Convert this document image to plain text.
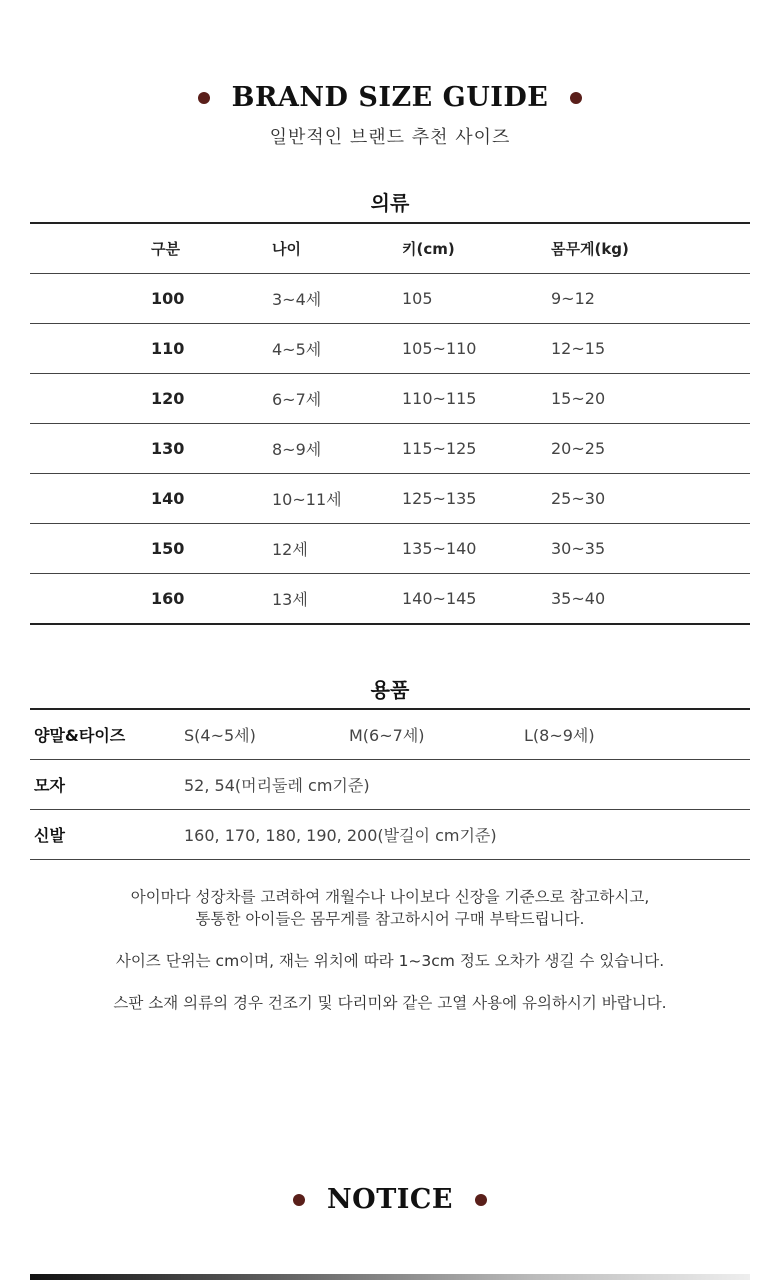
BRAND SIZE GUIDE
일반적인 브랜드 추천 사이즈
의류
구분	나이	키(cm)	몸무게(kg)
100	3~4세	105	9~12
110	4~5세	105~110	12~15
120	6~7세	110~115	15~20
130	8~9세	115~125	20~25
140	10~11세	125~135	25~30
150	12세	135~140	30~35
160	13세	140~145	35~40
용품
양말&타이즈	S(4~5세)	M(6~7세)	L(8~9세)
모자	52, 54(머리둘레 cm기준)		
신발	160, 170, 180, 190, 200(발길이 cm기준)		

아이마다 성장차를 고려하여 개월수나 나이보다 신장을 기준으로 참고하시고,
통통한 아이들은 몸무게를 참고하시어 구매 부탁드립니다.

사이즈 단위는 cm이며, 재는 위치에 따라 1~3cm 정도 오차가 생길 수 있습니다.

스판 소재 의류의 경우 건조기 및 다리미와 같은 고열 사용에 유의하시기 바랍니다.

NOTICE
